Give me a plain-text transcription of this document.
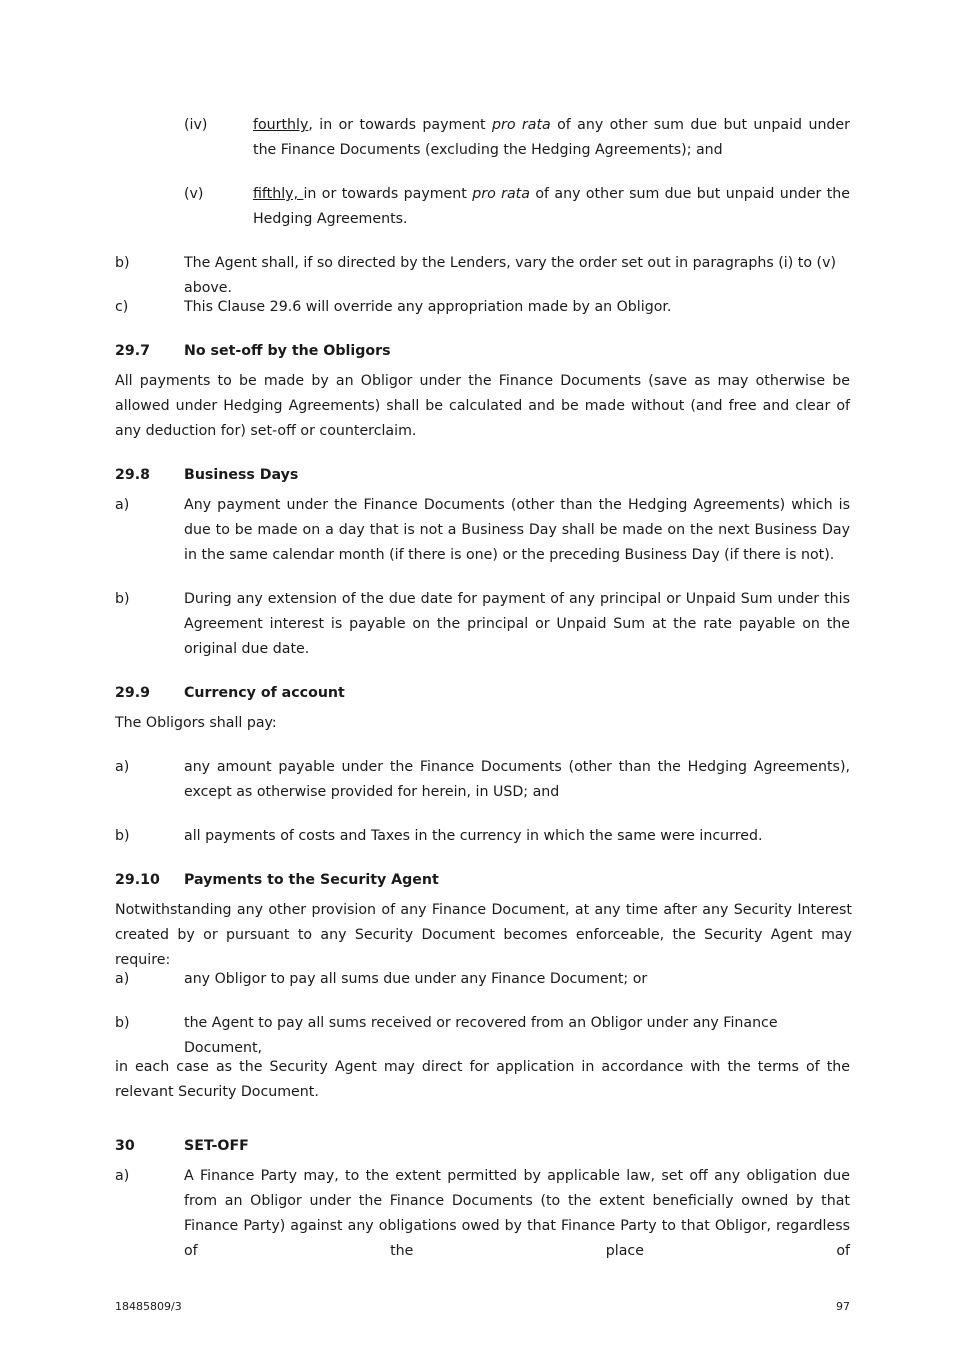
(iv)	fourthly, in or towards payment pro rata of any other sum due but unpaid under the Finance Documents (excluding the Hedging Agreements); and
(v)	fifthly, in or towards payment pro rata of any other sum due but unpaid under the Hedging Agreements.
b)	The Agent shall, if so directed by the Lenders, vary the order set out in paragraphs (i) to (v) above.
c)	This Clause 29.6 will override any appropriation made by an Obligor.
29.7 No set-off by the Obligors
All payments to be made by an Obligor under the Finance Documents (save as may otherwise be allowed under Hedging Agreements) shall be calculated and be made without (and free and clear of any deduction for) set-off or counterclaim.
29.8 Business Days
a)	Any payment under the Finance Documents (other than the Hedging Agreements) which is due to be made on a day that is not a Business Day shall be made on the next Business Day in the same calendar month (if there is one) or the preceding Business Day (if there is not).
b)	During any extension of the due date for payment of any principal or Unpaid Sum under this Agreement interest is payable on the principal or Unpaid Sum at the rate payable on the original due date.
29.9 Currency of account
The Obligors shall pay:
a)	any amount payable under the Finance Documents (other than the Hedging Agreements), except as otherwise provided for herein, in USD; and
b)	all payments of costs and Taxes in the currency in which the same were incurred.
29.10 Payments to the Security Agent
Notwithstanding any other provision of any Finance Document, at any time after any Security Interest created by or pursuant to any Security Document becomes enforceable, the Security Agent may require:
a)	any Obligor to pay all sums due under any Finance Document; or
b)	the Agent to pay all sums received or recovered from an Obligor under any Finance Document,
in each case as the Security Agent may direct for application in accordance with the terms of the relevant Security Document.
30	SET-OFF
a)	A Finance Party may, to the extent permitted by applicable law, set off any obligation due from an Obligor under the Finance Documents (to the extent beneficially owned by that Finance Party) against any obligations owed by that Finance Party to that Obligor, regardless of the place of
18485809/3	97
